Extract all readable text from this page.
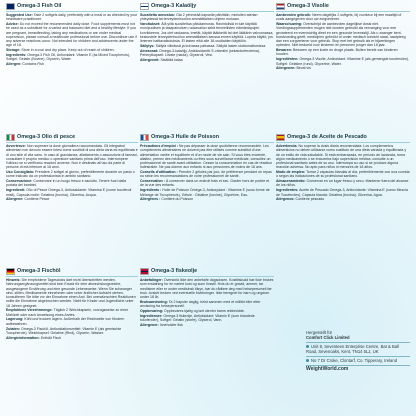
Omega-3 Fish Oil

Suggested Use: Take 2 softgels daily, preferably with a meal or as directed by your healthcare practitioner.

Advice: Do not exceed the recommended daily dose. Food supplements must not be used as a substitute for a varied and balanced diet and a healthy lifestyle. If you are pregnant, breastfeeding, taking any medications or are under medical supervision, please consult a healthcare professional before use. Discontinue use if any adverse reactions occur. Not intended for children and adolescents under the age of 18.

Storage: Store in a cool and dry place. Keep out of reach of children.

Ingredients: Omega-3 Fish Oil, Antioxidant: Vitamin E (as Mixed Tocopherols), Softgel: Gelatin (Bovine), Glycerin, Water.

Allergen: Contains Fish

Omega-3 Olio di pesce

Avvertenze: Non superare la dose giornaliera raccomandata. Gli integratori alimentari non devono essere intesi come sostituti di una dieta varia ed equilibrata e di uno stile di vita sano. In caso di gravidanza, allattamento o assunzione di farmaci, consultare il proprio medico o operatore sanitario prima dell'uso. Interrompere l'utilizzo se si verificano reazioni avverse. Non è destinato all'uso da parte di persone di età inferiore ai 18 anni.

Uso Consigliato: Prendere 2 softgel al giorno, preferibilmente durante un pasto o come indicato da un professionista in ambito sanitario.

Conservazione: Conservare in un luogo fresco e asciutto. Tenere fuori dalla portata dei bambini.

Ingredienti: Olio di Pesce Omega-3, Antiossidante: Vitamina E (come tocoferoli misti), Capsula molle: Gelatina (bovina), Glicerina, Acqua.

Allergene: Contiene Pesce

Omega-3 Fischöl

Hinweis: Die empfohlene Tagesdosis darf nicht überschritten werden. Nahrungsergänzungsmittel sind kein Ersatz für eine abwechslungsreiche, ausgewogene Ernährung und eine gesunde Lebensweise. Wenn Sie schwanger sind, stillen, Medikamente einnehmen oder unter ärztlicher Aufsicht stehen, konsultieren Sie bitte vor der Einnahme einen Arzt. Bei unerwünschten Reaktionen sollte die Einnahme abgebrochen werden. Nicht für Kinder und Jugendliche unter 18 Jahren geeignet.

Empfohlene Verzehrmenge: Täglich 2 Weichkapseln, vorzugsweise zu einer Mahlzeit oder nach Anweisung eines Arztes.

Lagerung: Kühl und trocken lagern. Außerhalb der Reichweite von Kindern aufbewahren.

Zutaten: Omega-3 Fischöl, Antioxidationsmittel: Vitamin E (als gemischte Tocopherole), Weichkapsel: Gelatine (Rind), Glycerin, Wasser.

Allergieinformation: Enthält Fisch

Omega-3 Kalaöljy

Suositeltu annostus: Ota 2 pehmeää kapselia päivittäin, mieluiten aterian yhteydessä tai terveydenhuollon ammattilaisen ohjeen mukaan.

Varoitukset: Älä ylitä suositeltua päiväannosta. Ravintolisiä ei tule käyttää monipuolisen ja tasapainoisen ruokavalion sekä terveellisten elämäntapojen korvikkeena. Jos olet raskaana, imetät, käytät lääkkeitä tai olet lääkärin valvonnassa, keskustele terveydenhuollon ammattilaisen kanssa ennen käyttöä. Lopeta käyttö, jos ilmenee haittavaikutuksia. Ei lasten eikä alle 18-vuotiaiden käyttöön.

Säilytys: Säilytä viileässä ja kuivassa paikassa. Säilytä lasten ulottumattomissa.

Ainesosat: Omega-3-kalaöljy, Antioksidantti: E-vitamiini (sekatokoferoleina), Pehmytkapseli: Liivate (nauta), Glyseroli, Vesi.

Allergeenit: Sisältää kalaa

Omega-3 Huile de Poisson

Précautions d'emploi : Ne pas dépasser la dose quotidienne recommandée. Les compléments alimentaires ne doivent pas être utilisés comme substitut d'une alimentation variée et équilibrée et d'un mode de vie sain. Si vous êtes enceinte, allaitez, prenez des médicaments ou êtes sous surveillance médicale, consultez un professionnel de santé avant utilisation. Cesser la consommation en cas de réaction indésirable. Ne pas donner aux enfants ni aux personnes de moins de 18 ans.

Conseils d'utilisation : Prendre 2 gélules par jour, de préférence pendant un repas ou selon les recommandations de votre professionnel de santé.

Conservation : À conserver dans un endroit frais et sec. Garder hors de portée et de la vue des enfants.

Ingrédients : Huile de Poisson Oméga-3, Antioxydant : Vitamine E (sous forme de Mélange de Tocophérols), Gélule : Gélatine (bovine), Glycérine, Eau.

Allergènes : Contient du Poisson

Omega-3 fiskeolje

Anbefalinger: Overskrid ikke den anbefalte dagsdosen. Kosttilskudd bør ikke brukes som erstatning for en variert kost og sunn livsstil. Hvis du er gravid, ammer, tar medisiner eller er under medisinsk tilsyn, bør du rådføre deg med helsepersonell før bruk. Avslutt bruken ved eventuelle bivirkninger. Ikke beregnet for barn og ungdom under 18 år.

Bruksanvisning: Ta 2 kapsler daglig, helst sammen med et måltid eller etter anvisning fra helsepersonell.

Oppbevaring: Oppbevares kjølig og tørt utenfor barns rekkevidde.

Ingredienser: Omega-3 fiskeolje, Antioksidant: Vitamin E (som blandede tokoferoler), Softgel: Gelatin (storfe), Glyserol, Vann.

Allergener: Inneholder fisk

Omega-3 Visolie

Aanbevolen gebruik: Neem dagelijks 2 softgels, bij voorkeur bij een maaltijd of zoals aangegeven door uw zorgverlener.

Waarschuwing: Overschrijd de aanbevolen dagelijkse dosis niet. Voedingssupplementen mogen niet worden gebruikt als vervanging voor een gevarieerd en evenwichtig dieet en een gezonde levensstijl. Als u zwanger bent, borstvoeding geeft, medicijnen gebruikt of onder medisch toezicht staat, raadpleeg dan een zorgverlener voor gebruik. Stop met het gebruik als er bijwerkingen optreden. Niet bedoeld voor kinderen en personen jonger dan 18 jaar.

Bewaren: Bewaren op een koele en droge plaats. Buiten bereik van kinderen houden.

Ingrediënten: Omega-3 Visolie, Antioxidant: Vitamine E (als gemengde tocoferolen), Softgel: Gelatine (rund), Glycerine, Water.

Allergenen: Bevat vis

Omega-3 de Aceite de Pescado

Advertencia: No superar la dosis diaria recomendada. Los complementos alimenticios no deben utilizarse como sustituto de una dieta variada y equilibrada y de un estilo de vida saludable. Si está embarazada, en período de lactancia, toma algún medicamento o se encuentra bajo supervisión médica, consulte a un profesional sanitario antes de su uso. Interrumpa su uso si se produce alguna reacción adversa. No apto para niños ni menores de 18 años.

Modo de empleo: Tomar 2 cápsulas blandas al día, preferiblemente con una comida o según las indicaciones de su profesional sanitario.

Almacenamiento: Conservar en un lugar fresco y seco. Mantener fuera del alcance de los niños.

Ingredientes: Aceite de Pescado Omega-3, Antioxidante: Vitamina E (como Mezcla de Tocoferoles), Cápsula blanda: Gelatina (bovina), Glicerina, Agua.

Alérgenos: Contiene pescado

Hergestellt für
Comfort Click Limited
Unit 8, Seventeen Enterprise Centre, Bat & Ball Road, Sevenoaks, Kent, TN14 5LJ, UK
No 7 Dr Croke, Clontarf, Co. Tipperary, Ireland
WeightWorld.com
